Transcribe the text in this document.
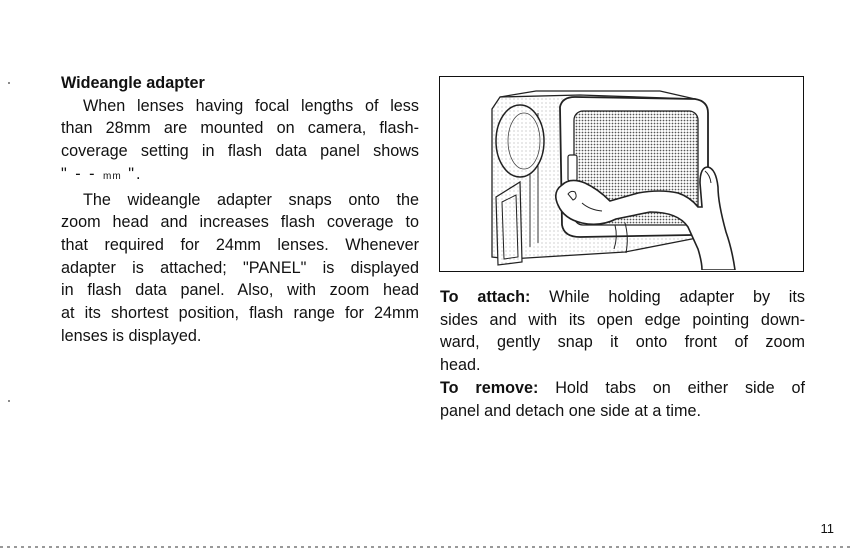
Wideangle adapter

When lenses having focal lengths of less

than 28mm are mounted on camera, flash-

coverage setting in flash data panel shows

" - - mm ".

The wideangle adapter snaps onto the

zoom head and increases flash coverage to

that required for 24mm lenses. Whenever

adapter is attached; "PANEL" is displayed

in flash data panel. Also, with zoom head

at its shortest position, flash range for 24mm

lenses is displayed.

To attach: While holding adapter by its

sides and with its open edge pointing down-

ward, gently snap it onto front of zoom

head.

To remove: Hold tabs on either side of

panel and detach one side at a time.

11
